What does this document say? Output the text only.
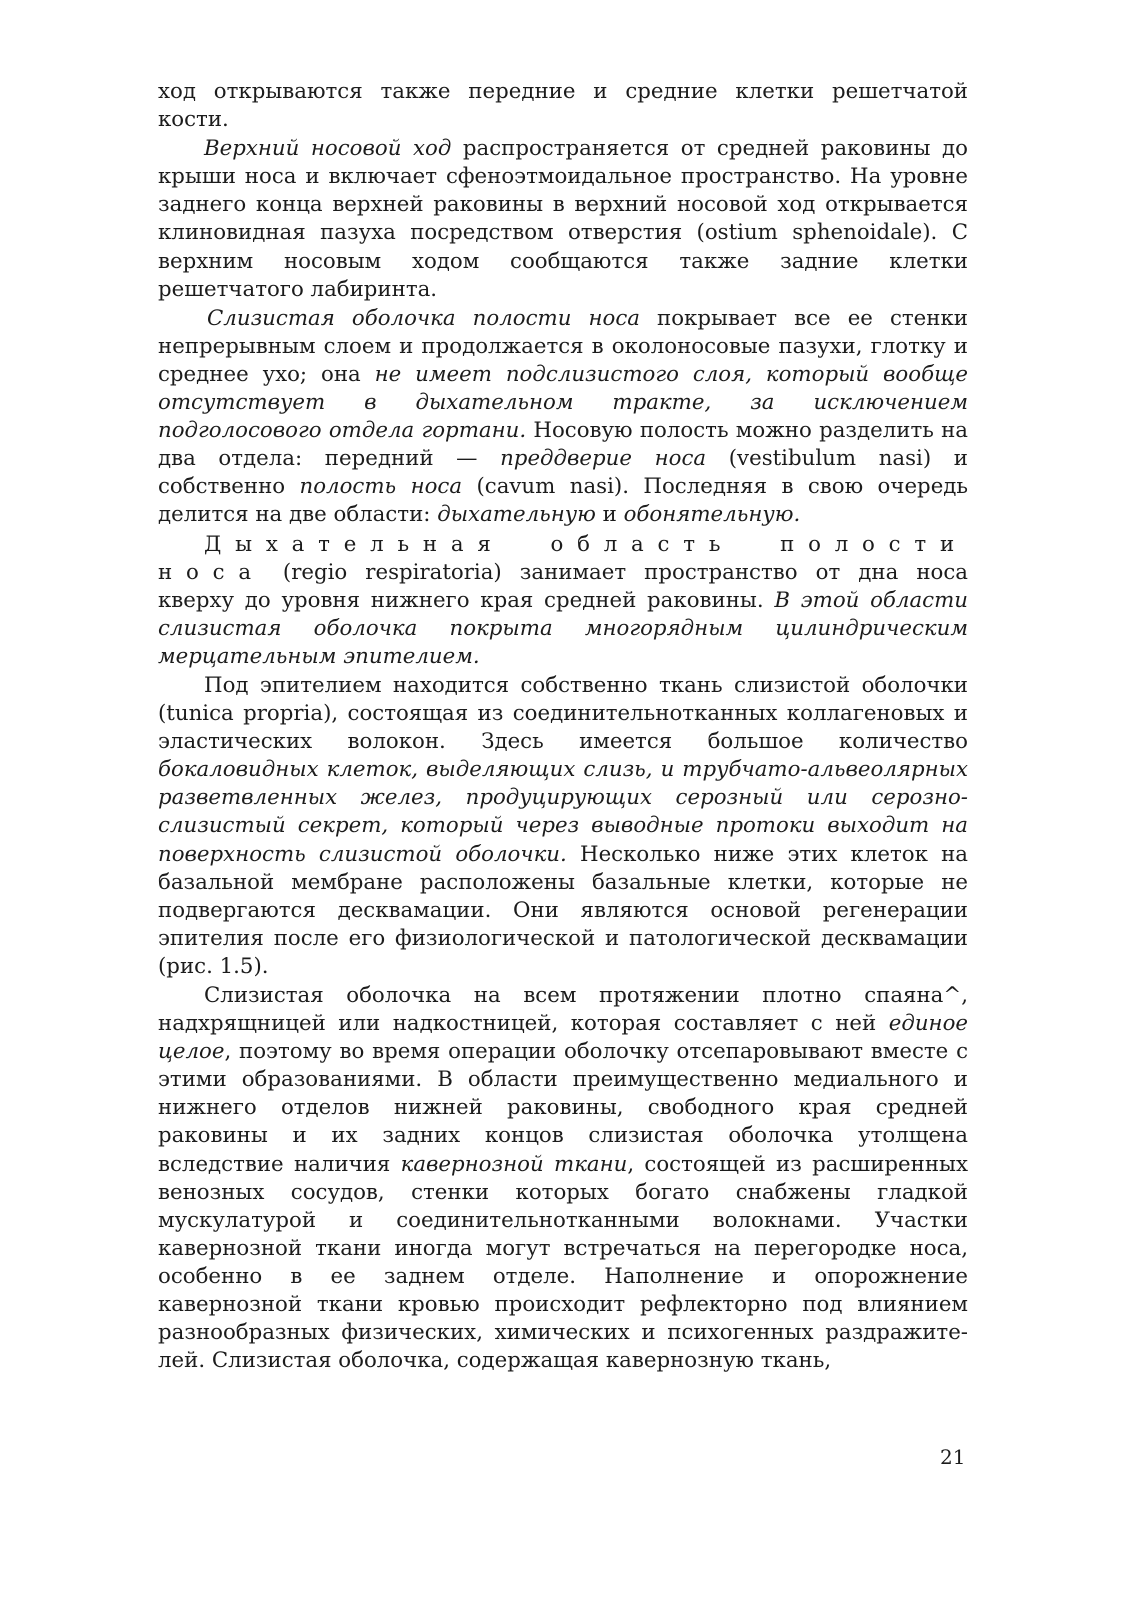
ход открываются также передние и средние клетки решетчатой кости.

Верхний носовой ход распространяется от средней раковины до крыши носа и включает сфеноэтмоидальное пространство. На уровне заднего конца верхней раковины в верхний носовой ход открывается клиновидная пазуха посредством отверстия (ostium sphenoidale). С верхним носовым ходом сообщаются также задние клетки решетчатого лабиринта.

Слизистая оболочка полости носа покрывает все ее стенки непрерывным слоем и продолжается в околоносовые пазухи, глотку и среднее ухо; она не имеет подслизистого слоя, который вообще отсутствует в дыхательном тракте, за исключением подголосового отдела гортани. Носовую полость можно разделить на два отдела: передний — преддверие носа (vestibulum nasi) и собственно полость носа (cavum nasi). Последняя в свою очередь делится на две области: дыхательную и обонятельную.

Дыхательная область полости носа (regio respiratoria) занимает пространство от дна носа кверху до уровня нижнего края средней раковины. В этой области слизистая оболочка покрыта многорядным цилиндрическим мерцательным эпителием.

Под эпителием находится собственно ткань слизистой оболочки (tunica propria), состоящая из соединительнотканных коллагеновых и эластических волокон. Здесь имеется большое количество бокаловидных клеток, выделяющих слизь, и трубчато-альвеолярных разветвленных желез, продуцирующих серозный или серозно-слизистый секрет, который через выводные протоки выходит на поверхность слизистой оболочки. Несколько ниже этих клеток на базальной мембране расположены базальные клетки, которые не подвергаются десквамации. Они являются основой регенерации эпителия после его физиологической и патологической десквамации (рис. 1.5).

Слизистая оболочка на всем протяжении плотно спаяна^, надхрящницей или надкостницей, которая составляет с ней единое целое, поэтому во время операции оболочку отсепаровывают вместе с этими образованиями. В области преимущественно медиального и нижнего отделов нижней раковины, свободного края средней раковины и их задних концов слизистая оболочка утолщена вследствие наличия кавернозной ткани, состоящей из расширенных венозных сосудов, стенки которых богато снабжены гладкой мускулатурой и соединительнотканными волокнами. Участки кавернозной ткани иногда могут встречаться на перегородке носа, особенно в ее заднем отделе. Наполнение и опорожнение кавернозной ткани кровью происходит рефлекторно под влиянием разнообразных физических, химических и психогенных раздражителей. Слизистая оболочка, содержащая кавернозную ткань,

21
